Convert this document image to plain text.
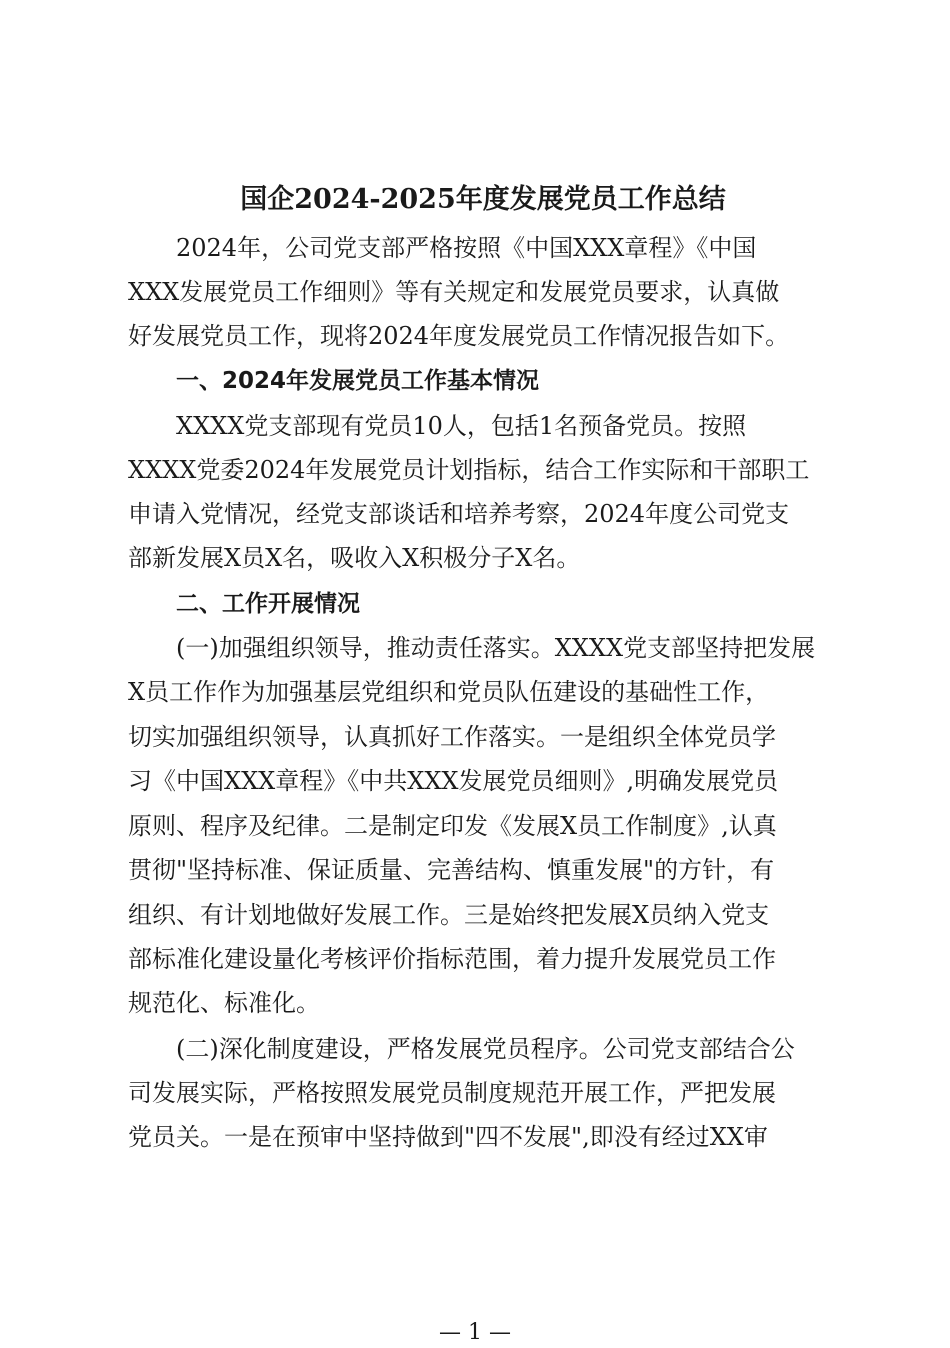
国企2024-2025年度发展党员工作总结
2024年，公司党支部严格按照《中国XXX章程》《中国
XXX发展党员工作细则》等有关规定和发展党员要求，认真做
好发展党员工作，现将2024年度发展党员工作情况报告如下。
一、2024年发展党员工作基本情况
XXXX党支部现有党员10人，包括1名预备党员。按照
XXXX党委2024年发展党员计划指标，结合工作实际和干部职工
申请入党情况，经党支部谈话和培养考察，2024年度公司党支
部新发展X员X名，吸收入X积极分子X名。
二、工作开展情况
(一)加强组织领导，推动责任落实。XXXX党支部坚持把发展
X员工作作为加强基层党组织和党员队伍建设的基础性工作，
切实加强组织领导，认真抓好工作落实。一是组织全体党员学
习《中国XXX章程》《中共XXX发展党员细则》,明确发展党员
原则、程序及纪律。二是制定印发《发展X员工作制度》,认真
贯彻"坚持标准、保证质量、完善结构、慎重发展"的方针，有
组织、有计划地做好发展工作。三是始终把发展X员纳入党支
部标准化建设量化考核评价指标范围，着力提升发展党员工作
规范化、标准化。
(二)深化制度建设，严格发展党员程序。公司党支部结合公
司发展实际，严格按照发展党员制度规范开展工作，严把发展
党员关。一是在预审中坚持做到"四不发展",即没有经过XX审
— 1 —
